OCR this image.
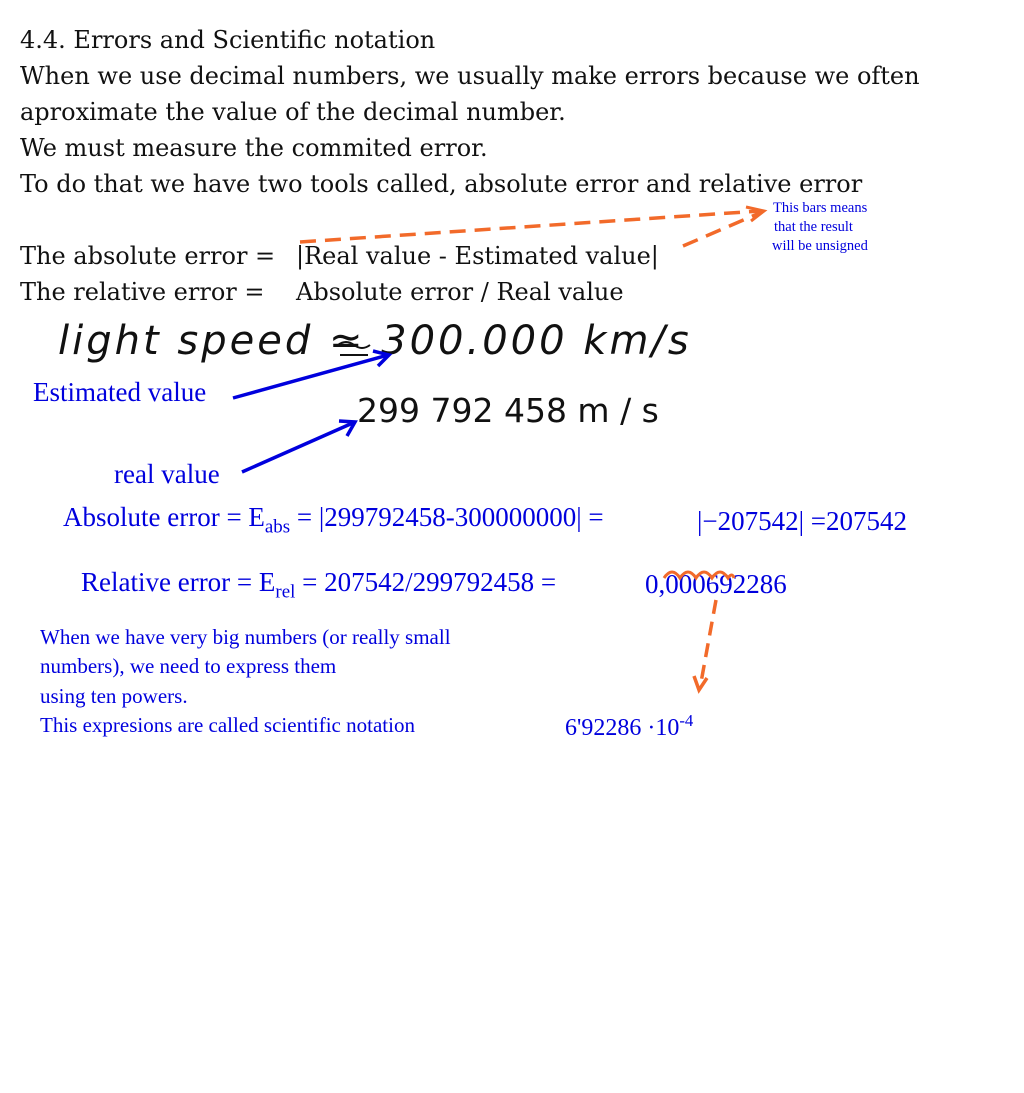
4.4. Errors and Scientific notation
When we use decimal numbers, we usually make errors because we often
aproximate the value of the decimal number.
We must measure the commited error.
To do that we have two tools called, absolute error and relative error
This bars means
that the result
will be unsigned
The absolute error = |Real value - Estimated value|
The relative error = Absolute error / Real value
light speed ≃ 300.000 km/s
Estimated value	299 792 458 m / s
real value
Absolute error = $E_{abs} = |299792458-300000000|$ =	|−207542| =207542
Relative error = $E_{rel} = 207542/299792458$ =	0,000692286
When we have very big numbers (or really small
numbers), we need to express them
using ten powers.
This expresions are called scientific notation	$6'92286 \cdot 10^{-4}$
